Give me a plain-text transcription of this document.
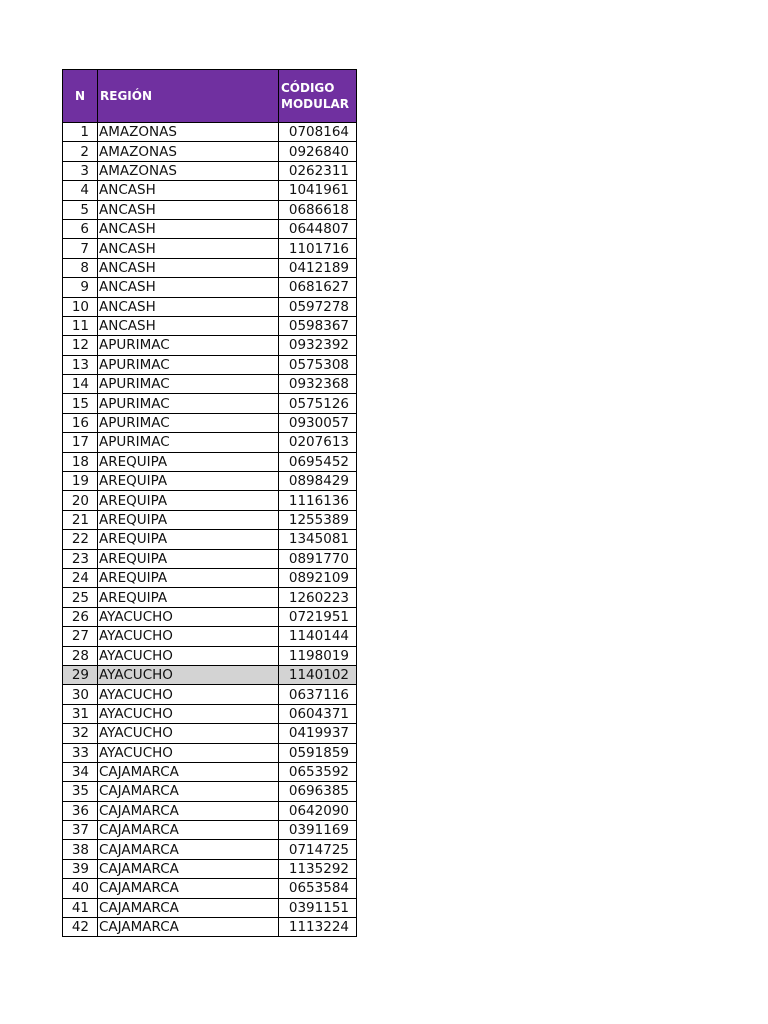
N	REGIÓN	CÓDIGO
MODULAR
1	AMAZONAS	0708164
2	AMAZONAS	0926840
3	AMAZONAS	0262311
4	ANCASH	1041961
5	ANCASH	0686618
6	ANCASH	0644807
7	ANCASH	1101716
8	ANCASH	0412189
9	ANCASH	0681627
10	ANCASH	0597278
11	ANCASH	0598367
12	APURIMAC	0932392
13	APURIMAC	0575308
14	APURIMAC	0932368
15	APURIMAC	0575126
16	APURIMAC	0930057
17	APURIMAC	0207613
18	AREQUIPA	0695452
19	AREQUIPA	0898429
20	AREQUIPA	1116136
21	AREQUIPA	1255389
22	AREQUIPA	1345081
23	AREQUIPA	0891770
24	AREQUIPA	0892109
25	AREQUIPA	1260223
26	AYACUCHO	0721951
27	AYACUCHO	1140144
28	AYACUCHO	1198019
29	AYACUCHO	1140102
30	AYACUCHO	0637116
31	AYACUCHO	0604371
32	AYACUCHO	0419937
33	AYACUCHO	0591859
34	CAJAMARCA	0653592
35	CAJAMARCA	0696385
36	CAJAMARCA	0642090
37	CAJAMARCA	0391169
38	CAJAMARCA	0714725
39	CAJAMARCA	1135292
40	CAJAMARCA	0653584
41	CAJAMARCA	0391151
42	CAJAMARCA	1113224
